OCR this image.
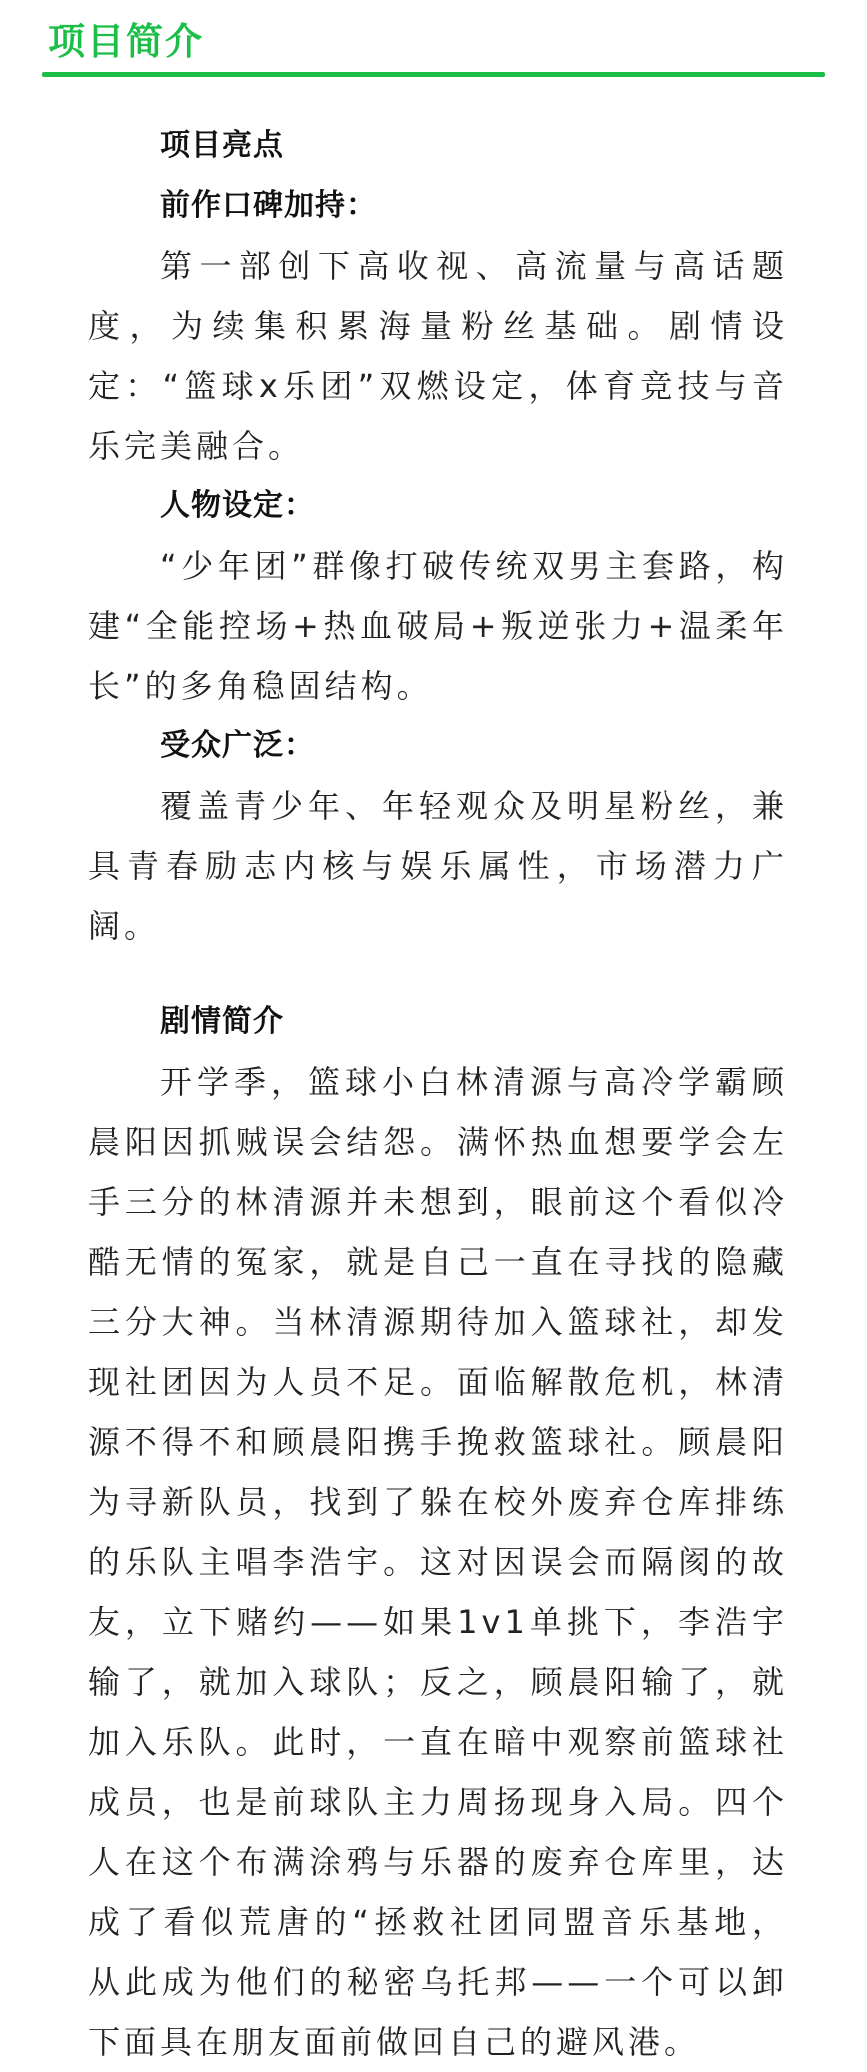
项目简介

项目亮点

前作口碑加持：

第一部创下高收视、高流量与高话题度，为续集积累海量粉丝基础。剧情设定：“篮球x乐团”双燃设定，体育竞技与音乐完美融合。

人物设定：

“少年团”群像打破传统双男主套路，构建“全能控场+热血破局+叛逆张力+温柔年长”的多角稳固结构。

受众广泛：

覆盖青少年、年轻观众及明星粉丝，兼具青春励志内核与娱乐属性，市场潜力广阔。

剧情简介

开学季，篮球小白林清源与高冷学霸顾晨阳因抓贼误会结怨。满怀热血想要学会左手三分的林清源并未想到，眼前这个看似冷酷无情的冤家，就是自己一直在寻找的隐藏三分大神。当林清源期待加入篮球社，却发现社团因为人员不足。面临解散危机，林清源不得不和顾晨阳携手挽救篮球社。顾晨阳为寻新队员，找到了躲在校外废弃仓库排练的乐队主唱李浩宇。这对因误会而隔阂的故友，立下赌约——如果1v1单挑下，李浩宇输了，就加入球队；反之，顾晨阳输了，就加入乐队。此时，一直在暗中观察前篮球社成员，也是前球队主力周扬现身入局。四个人在这个布满涂鸦与乐器的废弃仓库里，达成了看似荒唐的“拯救社团同盟音乐基地，从此成为他们的秘密乌托邦——一个可以卸下面具在朋友面前做回自己的避风港。
